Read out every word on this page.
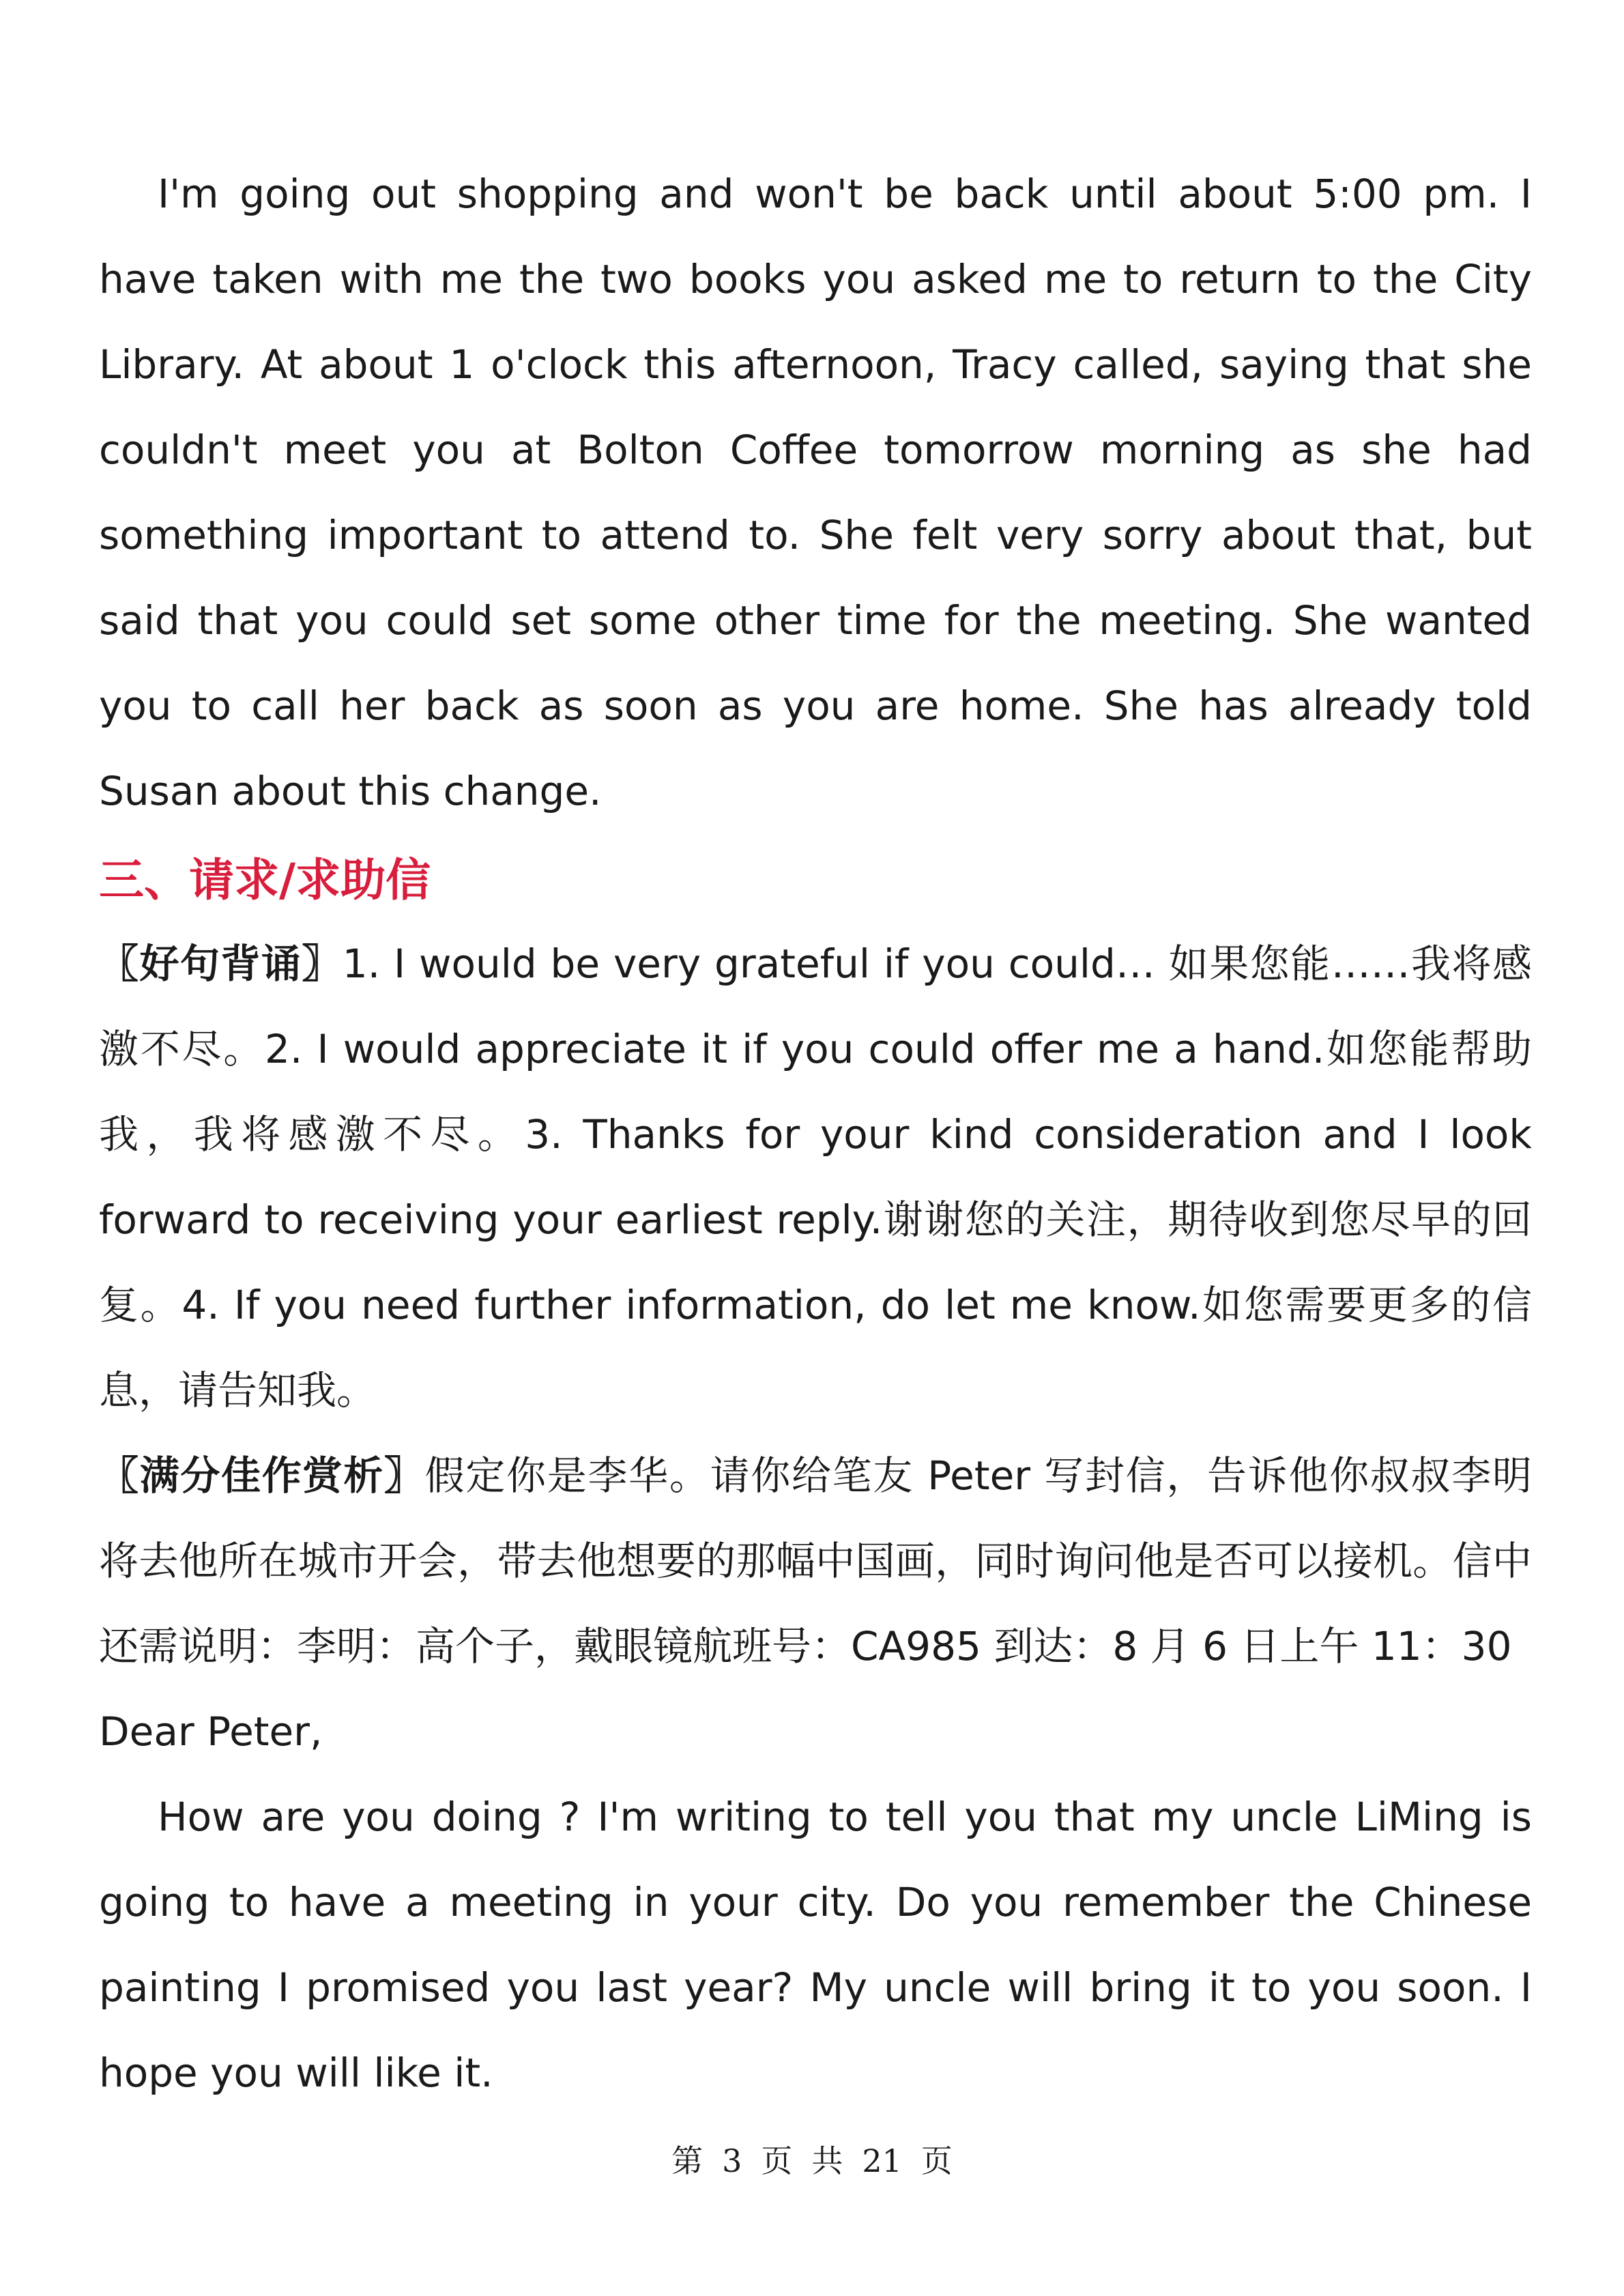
I'm going out shopping and won't be back until about 5:00 pm. I have taken with me the two books you asked me to return to the City Library. At about 1 o'clock this afternoon, Tracy called, saying that she couldn't meet you at Bolton Coffee tomorrow morning as she had something important to attend to. She felt very sorry about that, but said that you could set some other time for the meeting. She wanted you to call her back as soon as you are home. She has already told Susan about this change.

三、请求/求助信

〖好句背诵〗1. I would be very grateful if you could… 如果您能……我将感激不尽。2. I would appreciate it if you could offer me a hand.如您能帮助我，我将感激不尽。3. Thanks for your kind consideration and I look forward to receiving your earliest reply.谢谢您的关注，期待收到您尽早的回复。4. If you need further information, do let me know.如您需要更多的信息，请告知我。

〖满分佳作赏析〗假定你是李华。请你给笔友 Peter 写封信，告诉他你叔叔李明将去他所在城市开会，带去他想要的那幅中国画，同时询问他是否可以接机。信中还需说明：李明：高个子，戴眼镜航班号：CA985 到达：8 月 6 日上午 11：30

Dear Peter,

How are you doing ? I'm writing to tell you that my uncle LiMing is going to have a meeting in your city. Do you remember the Chinese painting I promised you last year? My uncle will bring it to you soon. I hope you will like it.

第 3 页 共 21 页
